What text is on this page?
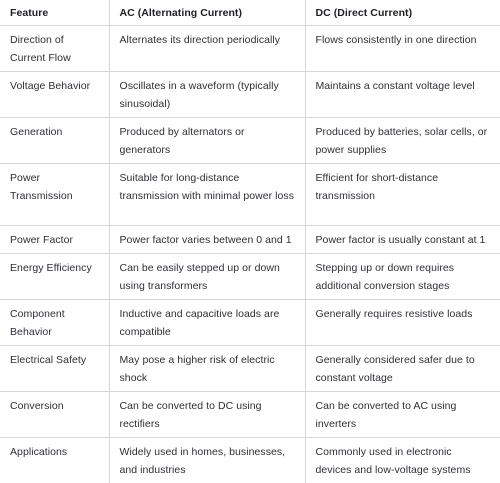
Feature	AC (Alternating Current)	DC (Direct Current)
Direction of Current Flow	Alternates its direction periodically	Flows consistently in one direction
Voltage Behavior	Oscillates in a waveform (typically sinusoidal)	Maintains a constant voltage level
Generation	Produced by alternators or generators	Produced by batteries, solar cells, or power supplies
Power Transmission	Suitable for long-distance transmission with minimal power loss	Efficient for short-distance transmission
Power Factor	Power factor varies between 0 and 1	Power factor is usually constant at 1
Energy Efficiency	Can be easily stepped up or down using transformers	Stepping up or down requires additional conversion stages
Component Behavior	Inductive and capacitive loads are compatible	Generally requires resistive loads
Electrical Safety	May pose a higher risk of electric shock	Generally considered safer due to constant voltage
Conversion	Can be converted to DC using rectifiers	Can be converted to AC using inverters
Applications	Widely used in homes, businesses, and industries	Commonly used in electronic devices and low-voltage systems
